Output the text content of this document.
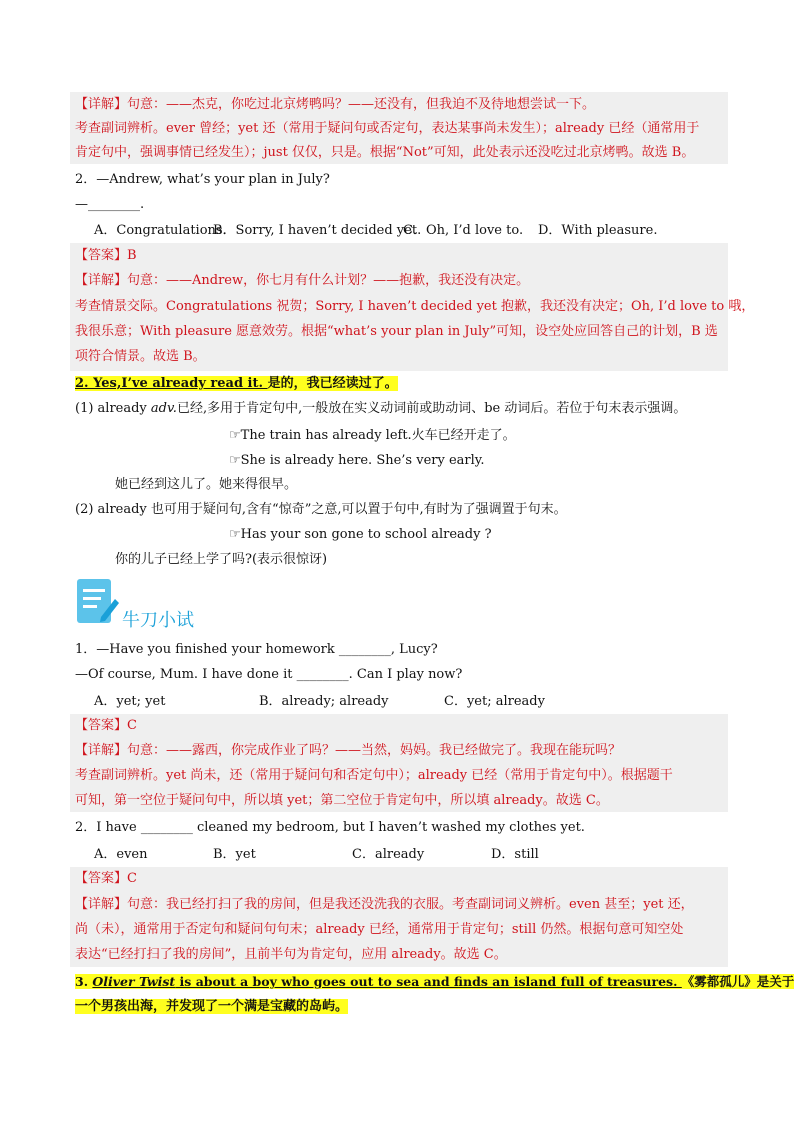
【详解】句意：——杰克，你吃过北京烤鸭吗？——还没有，但我迫不及待地想尝试一下。
考查副词辨析。ever 曾经；yet 还（常用于疑问句或否定句，表达某事尚未发生）；already 已经（通常用于
肯定句中，强调事情已经发生）；just 仅仅，只是。根据“Not”可知，此处表示还没吃过北京烤鸭。故选 B。
2．—Andrew, what’s your plan in July?
—________.
A．Congratulations.
B．Sorry, I haven’t decided yet.
C．Oh, I’d love to. D．With pleasure.
【答案】B
【详解】句意：——Andrew，你七月有什么计划？——抱歉，我还没有决定。
考查情景交际。Congratulations 祝贺；Sorry, I haven’t decided yet 抱歉，我还没有决定；Oh, I’d love to 哦，
我很乐意；With pleasure 愿意效劳。根据“what’s your plan in July”可知，设空处应回答自己的计划，B 选
项符合情景。故选 B。
2. Yes,I’ve already read it. 是的，我已经读过了。
(1) already adv.已经,多用于肯定句中,一般放在实义动词前或助动词、be 动词后。若位于句末表示强调。
☞The train has already left.火车已经开走了。
☞She is already here. She’s very early.
她已经到这儿了。她来得很早。
(2) already 也可用于疑问句,含有“惊奇”之意,可以置于句中,有时为了强调置于句末。
☞Has your son gone to school already ?
你的儿子已经上学了吗?(表示很惊讶)
牛刀小试
1．—Have you finished your homework ________, Lucy?
—Of course, Mum. I have done it ________. Can I play now?
A．yet; yet	B．already; already	C．yet; already
【答案】C
【详解】句意：——露西，你完成作业了吗？——当然，妈妈。我已经做完了。我现在能玩吗？
考查副词辨析。yet 尚未，还（常用于疑问句和否定句中）；already 已经（常用于肯定句中）。根据题干
可知，第一空位于疑问句中，所以填 yet；第二空位于肯定句中，所以填 already。故选 C。
2．I have ________ cleaned my bedroom, but I haven’t washed my clothes yet.
A．even	B．yet	C．already	D．still
【答案】C
【详解】句意：我已经打扫了我的房间，但是我还没洗我的衣服。考查副词词义辨析。even 甚至；yet 还，
尚（未），通常用于否定句和疑问句句末；already 已经，通常用于肯定句；still 仍然。根据句意可知空处
表达“已经打扫了我的房间”，且前半句为肯定句，应用 already。故选 C。
3. Oliver Twist is about a boy who goes out to sea and finds an island full of treasures. 《雾都孤儿》是关于
一个男孩出海，并发现了一个满是宝藏的岛屿。
